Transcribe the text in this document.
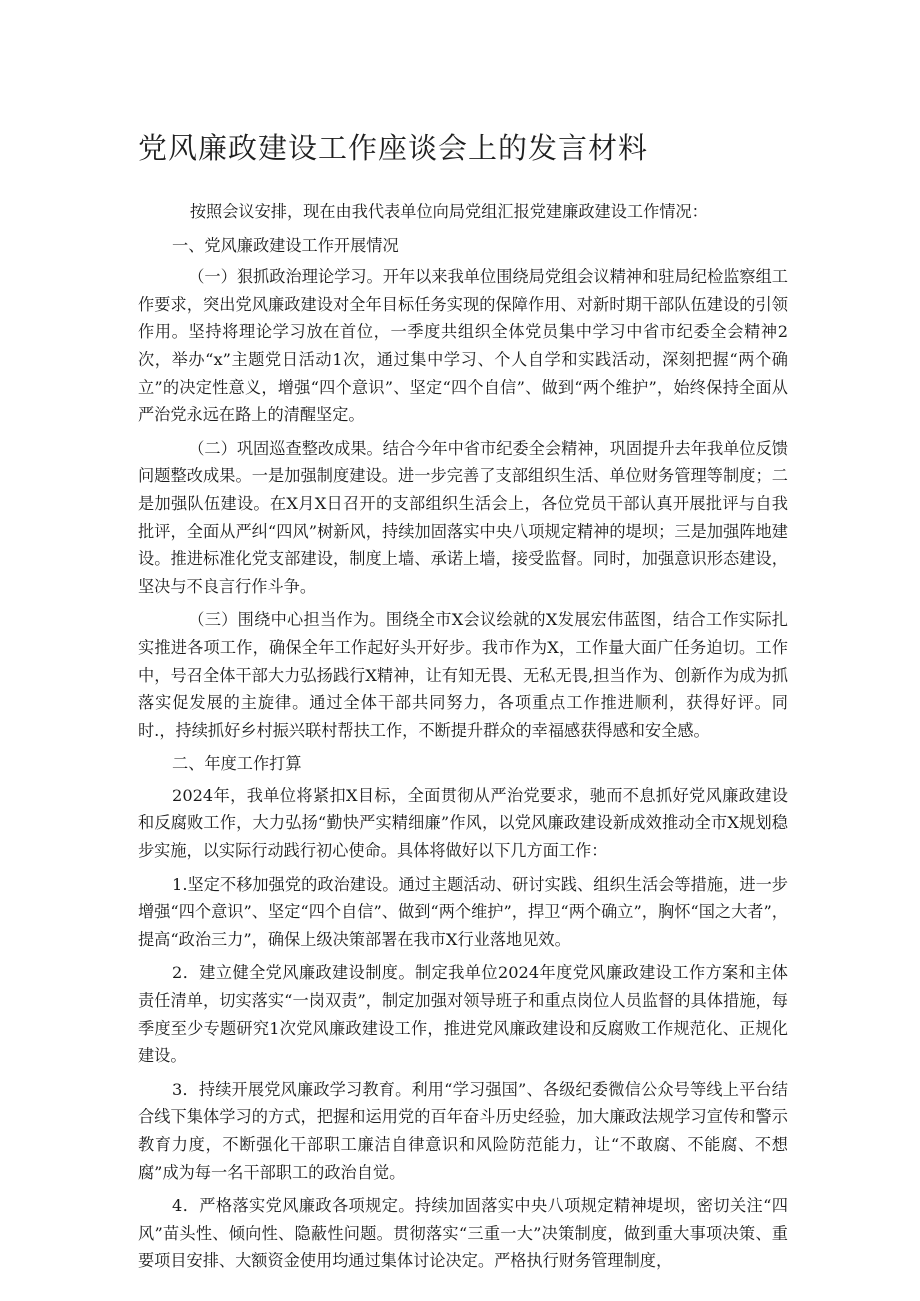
党风廉政建设工作座谈会上的发言材料

按照会议安排，现在由我代表单位向局党组汇报党建廉政建设工作情况：

一、党风廉政建设工作开展情况

（一）狠抓政治理论学习。开年以来我单位围绕局党组会议精神和驻局纪检监察组工作要求，突出党风廉政建设对全年目标任务实现的保障作用、对新时期干部队伍建设的引领作用。坚持将理论学习放在首位，一季度共组织全体党员集中学习中省市纪委全会精神2次，举办“x”主题党日活动1次，通过集中学习、个人自学和实践活动，深刻把握“两个确立”的决定性意义，增强“四个意识”、坚定“四个自信”、做到“两个维护”，始终保持全面从严治党永远在路上的清醒坚定。

（二）巩固巡查整改成果。结合今年中省市纪委全会精神，巩固提升去年我单位反馈问题整改成果。一是加强制度建设。进一步完善了支部组织生活、单位财务管理等制度；二是加强队伍建设。在X月X日召开的支部组织生活会上，各位党员干部认真开展批评与自我批评，全面从严纠“四风”树新风，持续加固落实中央八项规定精神的堤坝；三是加强阵地建设。推进标准化党支部建设，制度上墙、承诺上墙，接受监督。同时，加强意识形态建设，坚决与不良言行作斗争。

（三）围绕中心担当作为。围绕全市X会议绘就的X发展宏伟蓝图，结合工作实际扎实推进各项工作，确保全年工作起好头开好步。我市作为X，工作量大面广任务迫切。工作中，号召全体干部大力弘扬践行X精神，让有知无畏、无私无畏,担当作为、创新作为成为抓落实促发展的主旋律。通过全体干部共同努力，各项重点工作推进顺利，获得好评。同时.，持续抓好乡村振兴联村帮扶工作，不断提升群众的幸福感获得感和安全感。

二、年度工作打算

2024年，我单位将紧扣X目标，全面贯彻从严治党要求，驰而不息抓好党风廉政建设和反腐败工作，大力弘扬“勤快严实精细廉”作风，以党风廉政建设新成效推动全市X规划稳步实施，以实际行动践行初心使命。具体将做好以下几方面工作：

1.坚定不移加强党的政治建设。通过主题活动、研讨实践、组织生活会等措施，进一步增强“四个意识”、坚定“四个自信”、做到“两个维护”，捍卫“两个确立”，胸怀“国之大者”，提高“政治三力”，确保上级决策部署在我市X行业落地见效。

2．建立健全党风廉政建设制度。制定我单位2024年度党风廉政建设工作方案和主体责任清单，切实落实“一岗双责”，制定加强对领导班子和重点岗位人员监督的具体措施，每季度至少专题研究1次党风廉政建设工作，推进党风廉政建设和反腐败工作规范化、正规化建设。

3．持续开展党风廉政学习教育。利用“学习强国”、各级纪委微信公众号等线上平台结合线下集体学习的方式，把握和运用党的百年奋斗历史经验，加大廉政法规学习宣传和警示教育力度，不断强化干部职工廉洁自律意识和风险防范能力，让“不敢腐、不能腐、不想腐”成为每一名干部职工的政治自觉。

4．严格落实党风廉政各项规定。持续加固落实中央八项规定精神堤坝，密切关注“四风”苗头性、倾向性、隐蔽性问题。贯彻落实“三重一大”决策制度，做到重大事项决策、重要项目安排、大额资金使用均通过集体讨论决定。严格执行财务管理制度，
